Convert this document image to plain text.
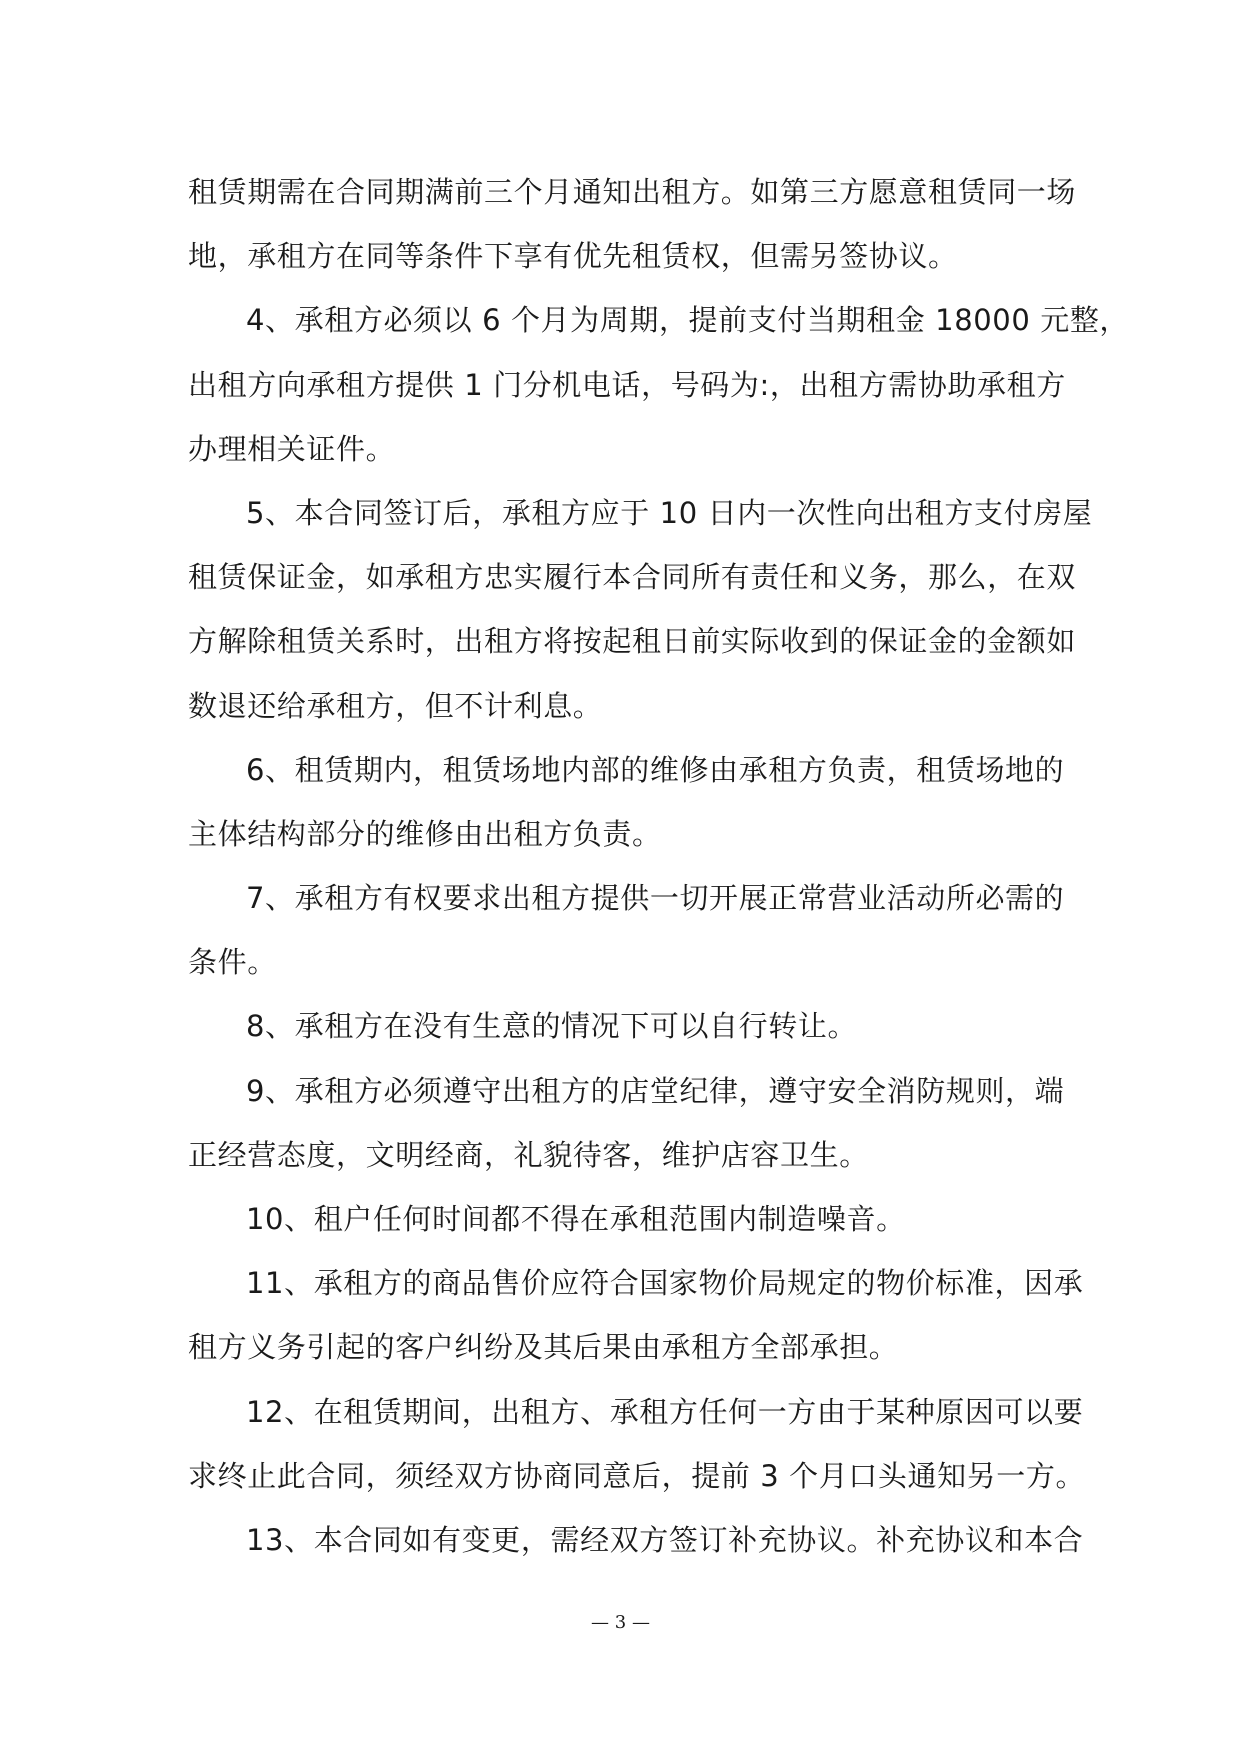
租赁期需在合同期满前三个月通知出租方。如第三方愿意租赁同一场
地，承租方在同等条件下享有优先租赁权，但需另签协议。
4、承租方必须以 6 个月为周期，提前支付当期租金 18000 元整，
出租方向承租方提供 1 门分机电话，号码为:，出租方需协助承租方
办理相关证件。
5、本合同签订后，承租方应于 10 日内一次性向出租方支付房屋
租赁保证金，如承租方忠实履行本合同所有责任和义务，那么，在双
方解除租赁关系时，出租方将按起租日前实际收到的保证金的金额如
数退还给承租方，但不计利息。
6、租赁期内，租赁场地内部的维修由承租方负责，租赁场地的
主体结构部分的维修由出租方负责。
7、承租方有权要求出租方提供一切开展正常营业活动所必需的
条件。
8、承租方在没有生意的情况下可以自行转让。
9、承租方必须遵守出租方的店堂纪律，遵守安全消防规则，端
正经营态度，文明经商，礼貌待客，维护店容卫生。
10、租户任何时间都不得在承租范围内制造噪音。
11、承租方的商品售价应符合国家物价局规定的物价标准，因承
租方义务引起的客户纠纷及其后果由承租方全部承担。
12、在租赁期间，出租方、承租方任何一方由于某种原因可以要
求终止此合同，须经双方协商同意后，提前 3 个月口头通知另一方。
13、本合同如有变更，需经双方签订补充协议。补充协议和本合
— 3 —
